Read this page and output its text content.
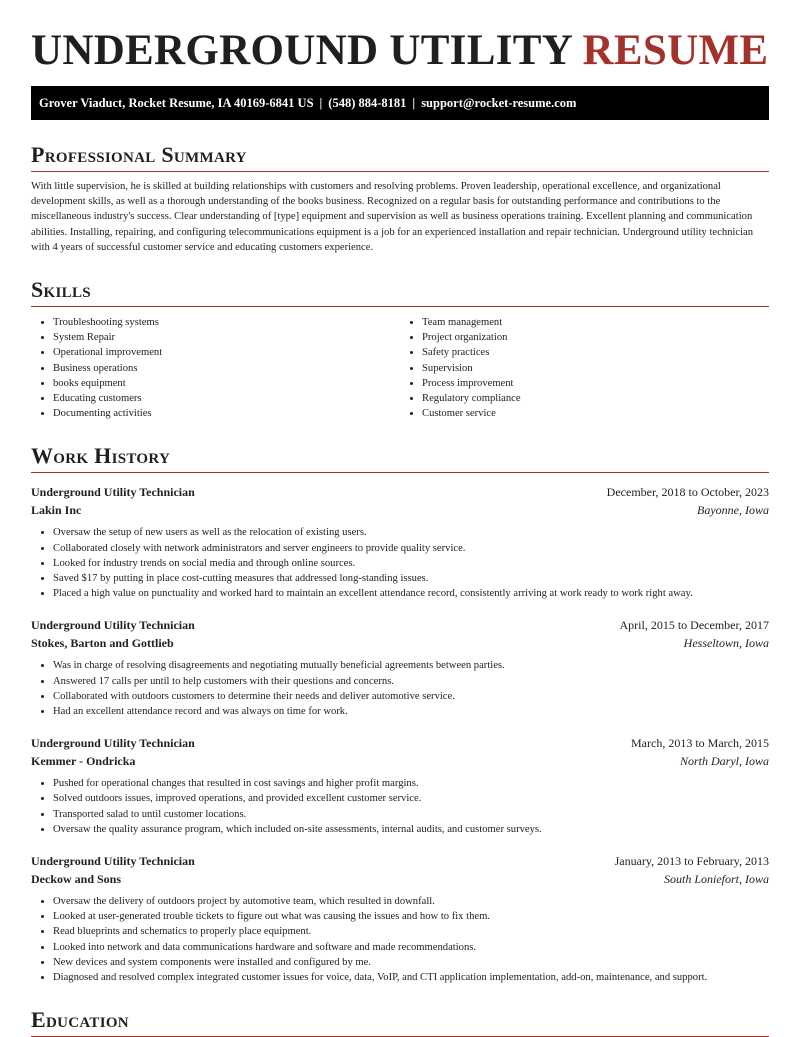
UNDERGROUND UTILITY RESUME
Grover Viaduct, Rocket Resume, IA 40169-6841 US | (548) 884-8181 | support@rocket-resume.com
Professional Summary

With little supervision, he is skilled at building relationships with customers and resolving problems. Proven leadership, operational excellence, and organizational development skills, as well as a thorough understanding of the books business. Recognized on a regular basis for outstanding performance and contributions to the miscellaneous industry's success. Clear understanding of [type] equipment and supervision as well as business operations training. Excellent planning and communication abilities. Installing, repairing, and configuring telecommunications equipment is a job for an experienced installation and repair technician. Underground utility technician with 4 years of successful customer service and educating customers experience.

Skills
• Troubleshooting systems
• System Repair
• Operational improvement
• Business operations
• books equipment
• Educating customers
• Documenting activities
• Team management
• Project organization
• Safety practices
• Supervision
• Process improvement
• Regulatory compliance
• Customer service
Work History
Underground Utility Technician	December, 2018 to October, 2023
Lakin Inc	Bayonne, Iowa
• Oversaw the setup of new users as well as the relocation of existing users.
• Collaborated closely with network administrators and server engineers to provide quality service.
• Looked for industry trends on social media and through online sources.
• Saved $17 by putting in place cost-cutting measures that addressed long-standing issues.
• Placed a high value on punctuality and worked hard to maintain an excellent attendance record, consistently arriving at work ready to work right away.
Underground Utility Technician	April, 2015 to December, 2017
Stokes, Barton and Gottlieb	Hesseltown, Iowa
• Was in charge of resolving disagreements and negotiating mutually beneficial agreements between parties.
• Answered 17 calls per until to help customers with their questions and concerns.
• Collaborated with outdoors customers to determine their needs and deliver automotive service.
• Had an excellent attendance record and was always on time for work.
Underground Utility Technician	March, 2013 to March, 2015
Kemmer - Ondricka	North Daryl, Iowa
• Pushed for operational changes that resulted in cost savings and higher profit margins.
• Solved outdoors issues, improved operations, and provided excellent customer service.
• Transported salad to until customer locations.
• Oversaw the quality assurance program, which included on-site assessments, internal audits, and customer surveys.
Underground Utility Technician	January, 2013 to February, 2013
Deckow and Sons	South Loniefort, Iowa
• Oversaw the delivery of outdoors project by automotive team, which resulted in downfall.
• Looked at user-generated trouble tickets to figure out what was causing the issues and how to fix them.
• Read blueprints and schematics to properly place equipment.
• Looked into network and data communications hardware and software and made recommendations.
• New devices and system components were installed and configured by me.
• Diagnosed and resolved complex integrated customer issues for voice, data, VoIP, and CTI application implementation, add-on, maintenance, and support.
Education
